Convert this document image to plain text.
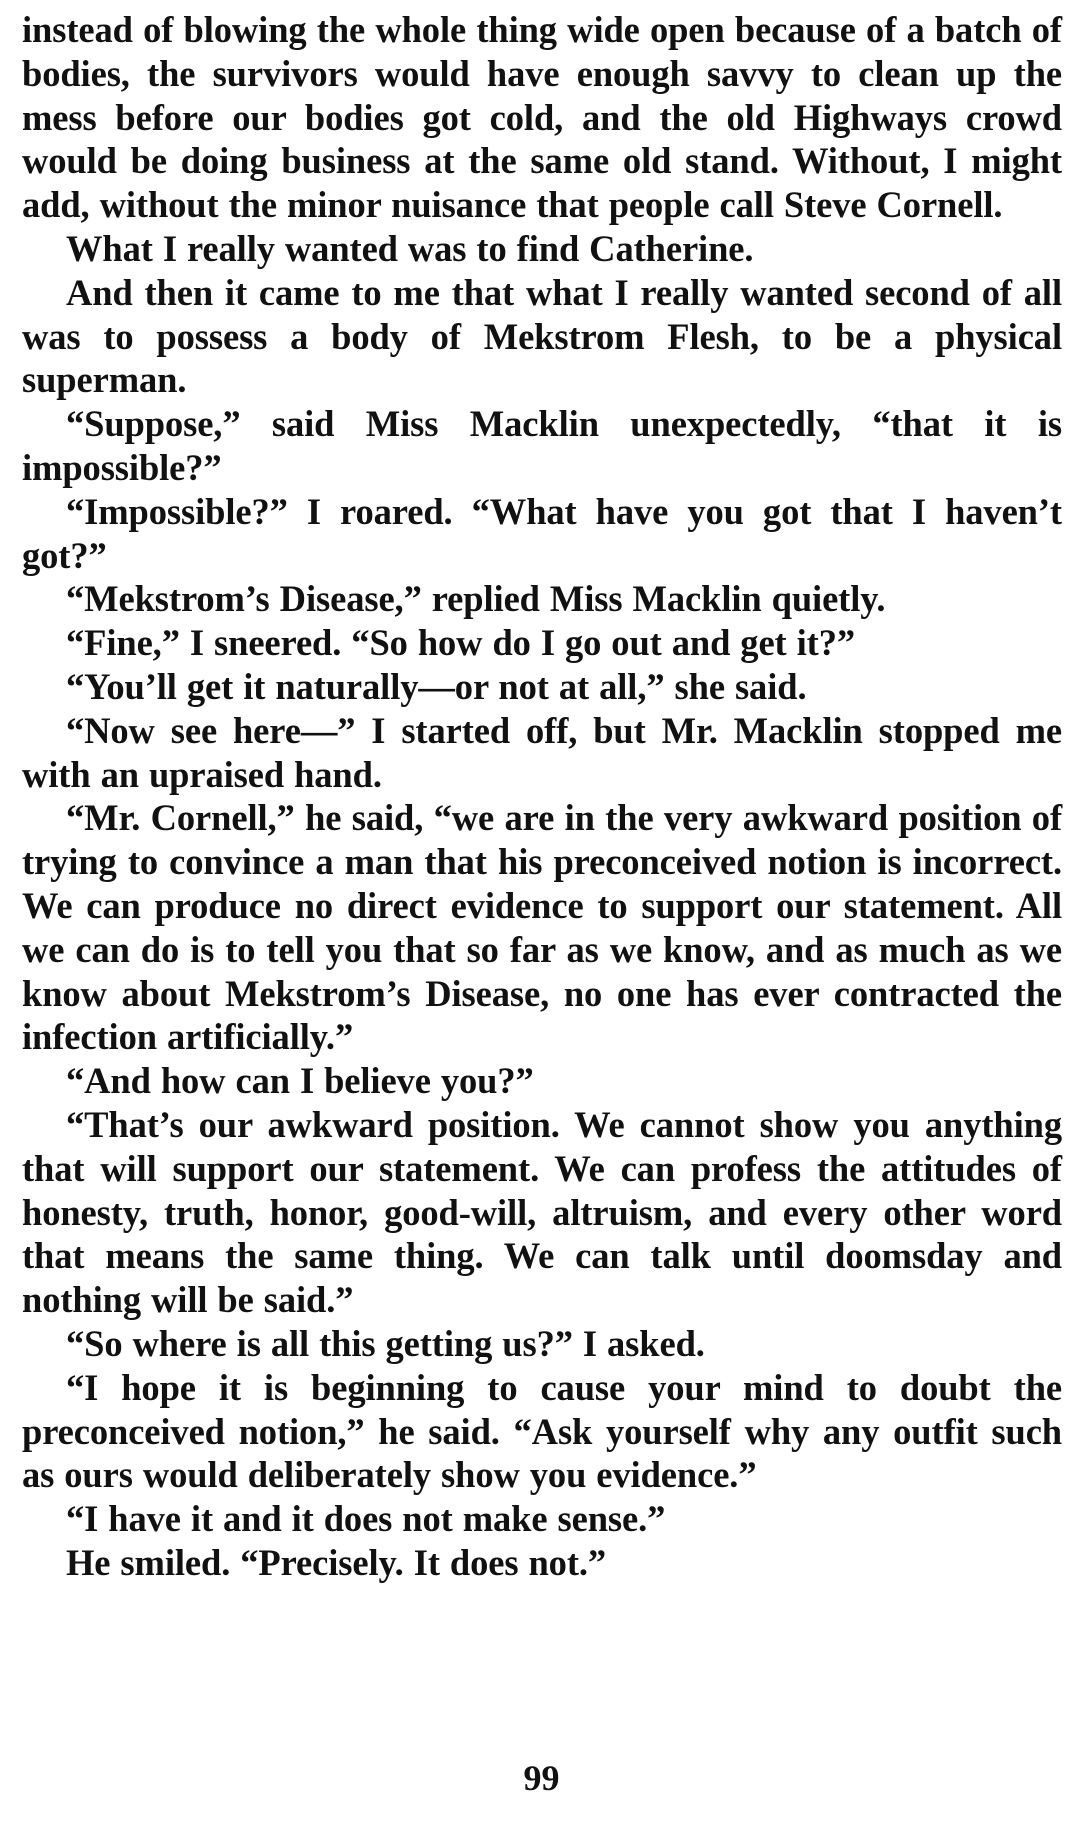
instead of blowing the whole thing wide open because of a batch of bodies, the survivors would have enough savvy to clean up the mess before our bodies got cold, and the old Highways crowd would be doing business at the same old stand. Without, I might add, without the minor nuisance that people call Steve Cornell.

What I really wanted was to find Catherine.

And then it came to me that what I really wanted second of all was to possess a body of Mekstrom Flesh, to be a physical superman.

“Suppose,” said Miss Macklin unexpectedly, “that it is impossible?”

“Impossible?” I roared. “What have you got that I haven’t got?”

“Mekstrom’s Disease,” replied Miss Macklin quietly.

“Fine,” I sneered. “So how do I go out and get it?”

“You’ll get it naturally—or not at all,” she said.

“Now see here—” I started off, but Mr. Macklin stopped me with an upraised hand.

“Mr. Cornell,” he said, “we are in the very awkward position of trying to convince a man that his preconceived notion is incorrect. We can produce no direct evidence to support our statement. All we can do is to tell you that so far as we know, and as much as we know about Mekstrom’s Disease, no one has ever contracted the infection artificially.”

“And how can I believe you?”

“That’s our awkward position. We cannot show you anything that will support our statement. We can profess the attitudes of honesty, truth, honor, good-will, altruism, and every other word that means the same thing. We can talk until doomsday and nothing will be said.”

“So where is all this getting us?” I asked.

“I hope it is beginning to cause your mind to doubt the preconceived notion,” he said. “Ask yourself why any outfit such as ours would deliberately show you evidence.”

“I have it and it does not make sense.”

He smiled. “Precisely. It does not.”

99
